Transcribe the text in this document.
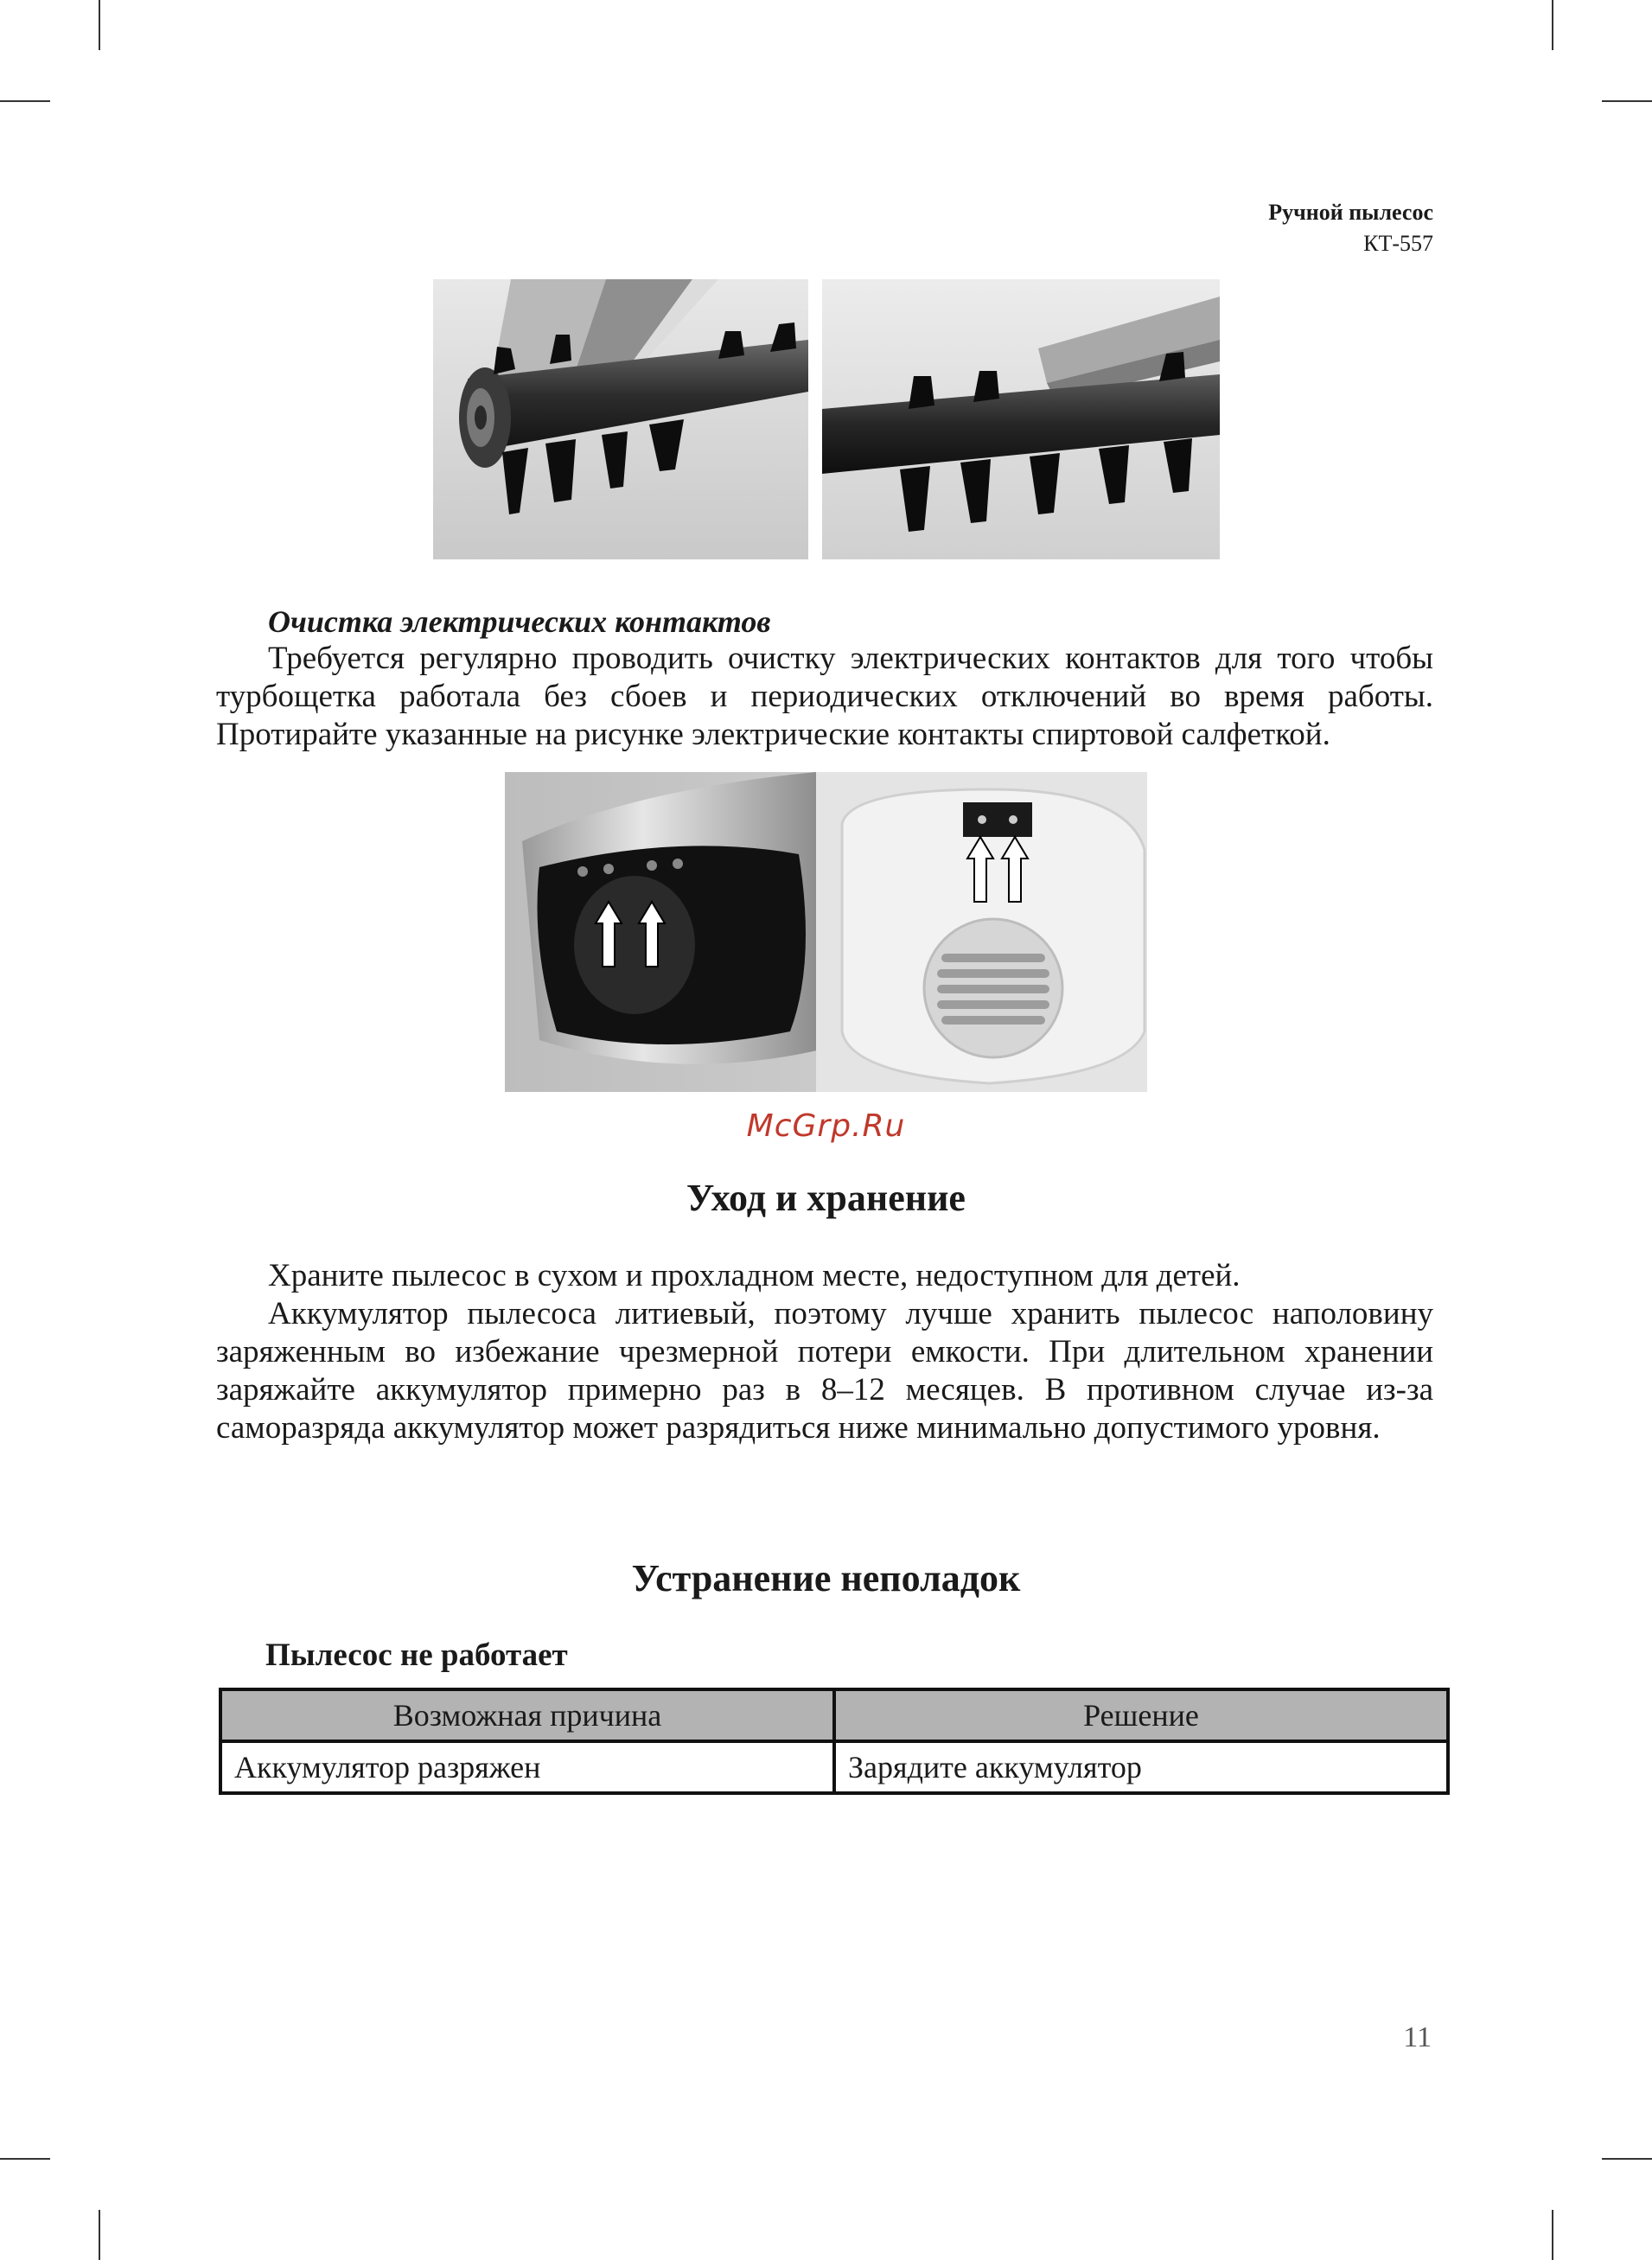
Ручной пылесос
КТ-557
Очистка электрических контактов

Требуется регулярно проводить очистку электрических контактов для того чтобы турбощетка работала без сбоев и периодических отключений во время работы. Протирайте указанные на рисунке электрические контакты спиртовой салфеткой.

McGrp.Ru
Уход и хранение

Храните пылесос в сухом и прохладном месте, недоступном для детей.

Аккумулятор пылесоса литиевый, поэтому лучше хранить пылесос наполовину заряженным во избежание чрезмерной потери емкости. При длительном хранении заряжайте аккумулятор примерно раз в 8–12 месяцев. В противном случае из-за саморазряда аккумулятор может разрядиться ниже минимально допустимого уровня.

Устранение неполадок
Пылесос не работает
Возможная причина	Решение
Аккумулятор разряжен	Зарядите аккумулятор
11
